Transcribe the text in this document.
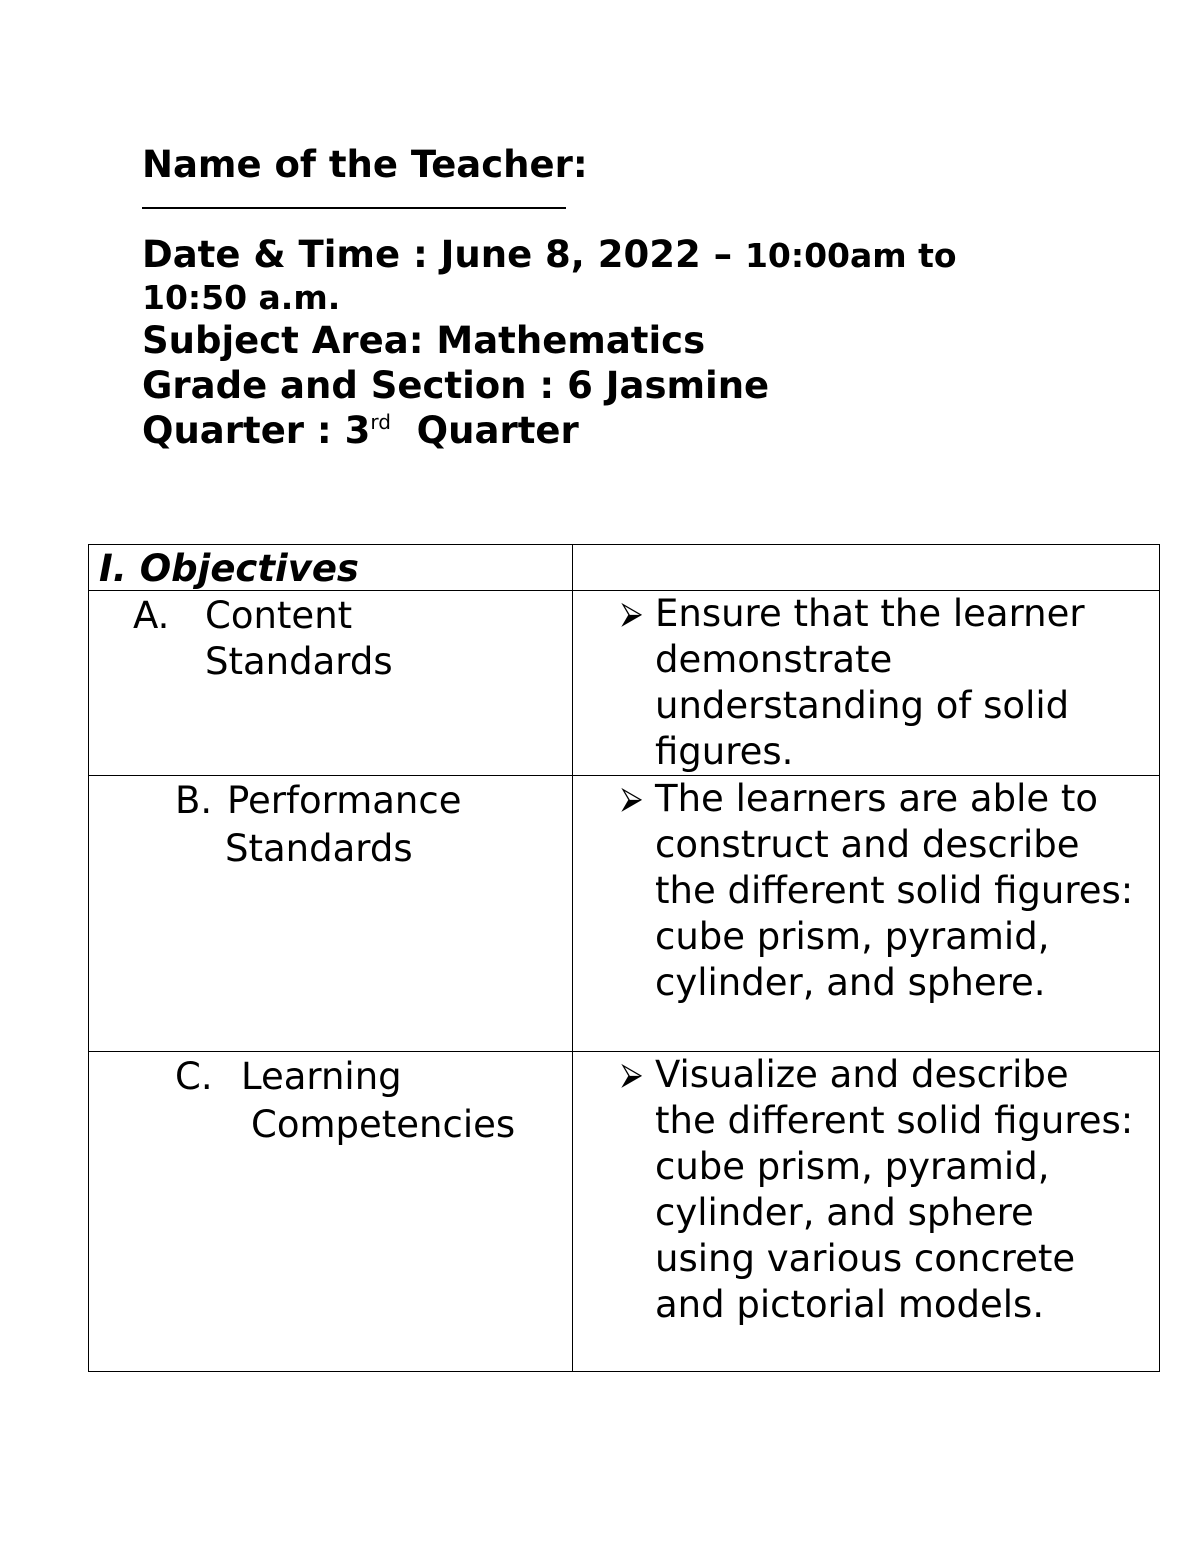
Name of the Teacher:
Date & Time : June 8, 2022 – 10:00am to
10:50 a.m.
Subject Area: Mathematics
Grade and Section : 6 Jasmine
Quarter : 3rd  Quarter
I. Objectives	

A. Content
Standards	⮚ Ensure that the learner demonstrate understanding of solid figures.

B. Performance
Standards	⮚ The learners are able to construct and describe the different solid figures: cube prism, pyramid, cylinder, and sphere.

C. Learning
Competencies	⮚ Visualize and describe the different solid figures: cube prism, pyramid, cylinder, and sphere using various concrete and pictorial models.
